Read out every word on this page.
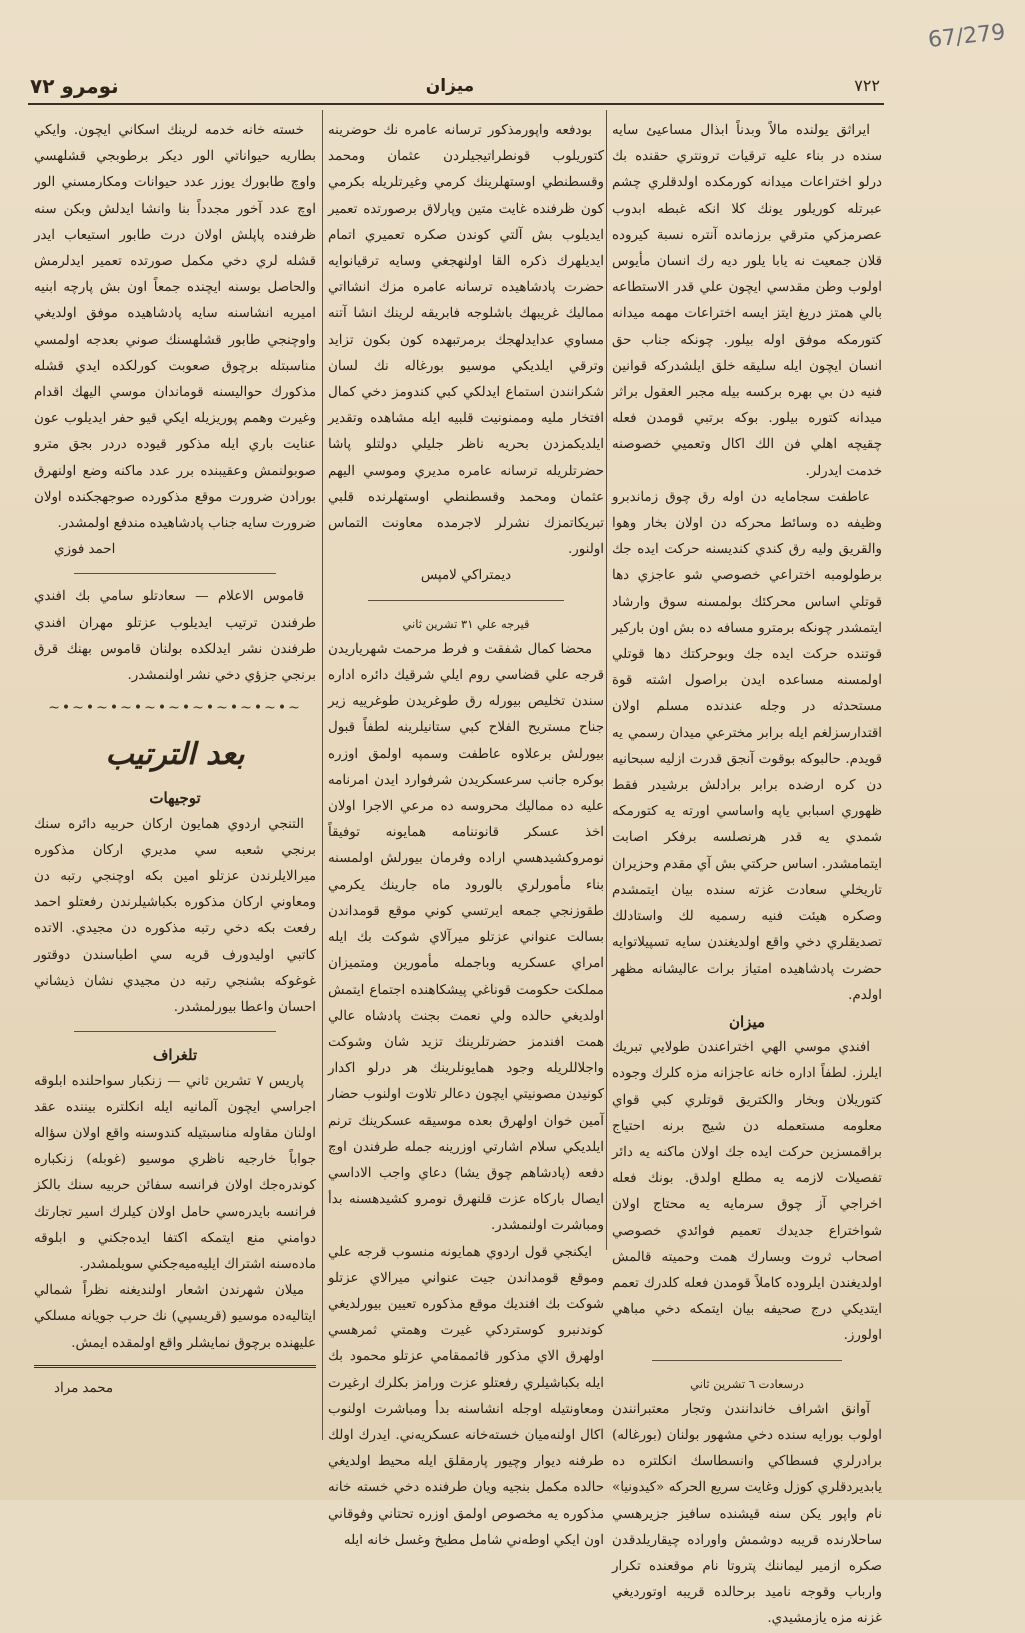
67/279
٧٢٢
ميزان
نومرو ٧٢

ايراثق يولنده مالاً وبدناً ابذال مساعيئ سايه سنده در بناء عليه ترقيات ترونتري حقنده بك درلو اختراعات ميدانه كورمكده اولدقلري چشم عبرتله كوريلور يونك كلا انكه غبطه ابدوب عصرمزكي مترقي برزمانده آنتره نسبة كيروده قلان جمعيت نه يابا يلور ديه رك انسان مأيوس اولوب وطن مقدسي ايچون علي قدر الاستطاعه بالي همتز دريغ ايتز ايسه اختراعات مهمه ميدانه كتورمكه موفق اوله بيلور. چونكه جناب حق انسان ايچون ايله سليقه خلق ايلشدركه قوانين فنيه دن بي بهره بركسه بيله مجبر العقول براثر ميدانه كتوره بيلور. بوكه برتبي قومدن فعله چقيچه اهلي فن الك اكال وتعميي خصوصنه خدمت ايدرلر.

عاطفت سجامايه دن اوله رق چوق زماندبرو وظيفه ده وسائط محركه دن اولان بخار وهوا والقريق وليه رق كندي كنديسنه حركت ايده جك برطولومبه اختراعي خصوصي شو عاجزي دها قوتلي اساس محركئك بولمسنه سوق وارشاد ايتمشدر چونكه برمترو مسافه ده بش اون باركير قوتنده حركت ايده جك وبوحركتك دها قوتلي اولمسنه مساعده ايدن براصول اشته قوة مستحدثه در وجله عندنده مسلم اولان اقتدارسزلغم ايله برابر مخترعي ميدان رسمي يه قويدم. حالبوكه بوقوت آنجق قدرت ازليه سبحانيه دن كره ارضده برابر برادلش برشيدر فقط ظهوري اسبابي ياپه واساسي اورته يه كتورمكه شمدي يه قدر هرنصلسه برفكر اصابت ايتمامشدر. اساس حركتي بش آي مقدم وحزيران تاريخلي سعادت غزته سنده بيان ايتمشدم وصكره هيئت فنيه رسميه لك واستادلك تصديقلري دخي واقع اولديغندن سايه تسپيلاتوايه حضرت پادشاهيده امتياز برات عاليشانه مظهر اولدم.

ميزان

افندي موسي الهي اختراعندن طولايي تبريك ايلرز. لطفاً اداره خانه عاجزانه مزه كلرك وجوده كتوريلان وبخار والكتريق قوتلري كبي قواي معلومه مستعمله دن شيج برنه احتياج براقمسزين حركت ايده جك اولان ماكنه يه دائر تفصيلات لازمه يه مطلع اولدق. بونك فعله اخراجي آز چوق سرمايه يه محتاج اولان شواختراع جديدك تعميم فوائدي خصوصي اصحاب ثروت وبسارك همت وحميته قالمش اولديغندن ايلروده كاملاً قومدن فعله كلدرك تعمم ايتديكي درج صحيفه بيان ايتمكه دخي مباهي اولورز.

درسعادت ٦ تشرين ثاني

آوانق اشراف خاندانندن وتجار معتبرانندن اولوب بورايه سنده دخي مشهور بولنان (بورغاله) برادرلري فسطاكي وانسطاسك انكلتره ده يابديردقلري كوزل وغايت سريع الحركه «كيدونيا» نام واپور يكن سنه قيشنده سافيز جزيرهسي ساحلارنده قريبه دوشمش واوراده چيقاريلدقدن صكره ازمير ليماننك پتروتا نام موقعنده تكرار وارباب وقوجه ناميد برحالده قريبه اوتورديغي غزنه مزه يازمشيدي.

بودفعه واپورمذكور ترسانه عامره نك حوضرينه كتوريلوب قونطراتيجيلردن عثمان ومحمد وقسطنطي اوستهلرينك كرمي وغيرتلريله بكرمي كون ظرفنده غايت متين وپارلاق برصورتده تعمير ايديلوب بش آلتي كوندن صكره تعميري اتمام ايديلهرك ذكره القا اولنهجغي وسايه ترقيانوايه حضرت پادشاهيده ترسانه عامره مزك انشااتي مماليك غريبهك باشلوجه فابريقه لرينك انشا آتنه مساوي عدايدلهجك برمرتبهده كون بكون تزايد وترقي ايلديكي موسيو بورغاله نك لسان شكرانندن استماع ايدلكي كبي كندومز دخي كمال افتخار مليه وممنونيت قلبيه ايله مشاهده وتقدير ايلديكمزدن بحريه ناظر جليلي دولتلو پاشا حضرتلريله ترسانه عامره مديري وموسي اليهم عثمان ومحمد وقسطنطي اوستهلرنده قلبي تبريكاتمزك نشرلر لاجرمده معاونت التماس اولنور.

ديمتراكي لامپس

قيرجه علي ٣١ تشرين ثاني

محضا كمال شفقت و فرط مرحمت شهرياريدن قرجه علي قضاسي روم ايلي شرقيك دائره اداره سندن تخليص بيورله رق طوغريدن طوغرييه زير جناح مستريح الفلاح كبي ستانيلرينه لطفاً قبول بيورلش برعلاوه عاطفت وسمپه اولمق اوزره بوكره جانب سرعسكريدن شرفوارد ايدن امرنامه عليه ده مماليك محروسه ده مرعي الاجرا اولان اخذ عسكر قانوننامه همايونه توفيقاً نومروكشيدهسي اراده وفرمان بيورلش اولمسنه بناء مأمورلري بالورود ماه جارينك يكرمي طقوزنجي جمعه ايرتسي كوني موقع قومداندن بسالت عنواني عزتلو ميرآلاي شوكت بك ايله امراي عسكريه وباجمله مأمورين ومتميزان مملكت حكومت قوناغي پيشكاهنده اجتماع ايتمش اولديغي حالده ولي نعمت بجنت پادشاه عالي همت افندمز حضرتلرينك تزيد شان وشوكت واجلاللريله وجود همايونلرينك هر درلو اكدار كونيدن مصونيتي ايچون دعالر تلاوت اولنوب حضار آمين خوان اولهرق بعده موسيقه عسكرينك ترنم ايلديكي سلام اشارتي اوزرينه جمله طرفندن اوچ دفعه (پادشاهم چوق يشا) دعاي واجب الاداسي ايصال باركاه عزت قلنهرق نومرو كشيدهسنه بدأ ومباشرت اولنمشدر.

ايكنجي قول اردوي همايونه منسوب قرجه علي وموقع قومداندن جيت عنواني ميرالاي عزتلو شوكت بك افنديك موقع مذكوره تعيين بيورلديغي كوندنبرو كوستردكي غيرت وهمتي ثمرهسي اولهرق الاي مذكور قائممقامي عزتلو محمود بك ايله بكباشيلري رفعتلو عزت ورامز بكلرك ارغيرت ومعاونتيله اوجله انشاسنه بدأ ومباشرت اولنوب اكال اولنه‌ميان خسته‌خانه عسكريه‌ني. ايدرك اولك طرفنه ديوار وچيور پارمقلق ايله محيط اولديغي حالده مكمل بنجيه ويان طرفنده دخي خسته خانه مذكوره يه مخصوص اولمق اوزره تحتاني وفوقاني اون ايكي اوطه‌ني شامل مطبخ وغسل خانه ايله

خسته خانه خدمه لرينك اسكاني ايچون. وايكي بطاريه حيواناتي الور ديكر برطوبجي قشلهسي واوچ طابورك يوزر عدد حيوانات ومكارمسني الور اوچ عدد آخور مجدداً بنا وانشا ايدلش وبكن سنه ظرفنده پاپلش اولان درت طابور استيعاب ايدر قشله لري دخي مكمل صورتده تعمير ايدلرمش والحاصل بوسنه ايچنده جمعاً اون بش پارچه ابنيه اميريه انشاسنه سايه پادشاهيده موفق اولديغي واوچنجي طابور قشلهسنك صوني بعدجه اولمسي مناسبتله برچوق صعوبت كورلكده ايدي قشله مذكورك حواليسنه قوماندان موسي اليهك اقدام وغيرت وهمم پوريزيله ايكي قيو حفر ايديلوب عون عنايت باري ايله مذكور قيوده دردر بجق مترو صوبولنمش وعقيبنده برر عدد ماكنه وضع اولنهرق بورادن ضرورت موقع مذكورده صوجهجكنده اولان ضرورت سايه جناب پادشاهيده مندفع اولمشدر.

احمد فوزي

قاموس الاعلام — سعادتلو سامي بك افندي طرفندن ترتيب ايديلوب عزتلو مهران افندي طرفندن نشر ايدلكده بولنان قاموس بهنك قرق برنجي جزؤي دخي نشر اولنمشدر.

~•~•~•~•~•~•~•~•~•~•~
بعد الترتيب

توجيهات

التنجي اردوي همايون اركان حربيه دائره سنك برنجي شعبه سي مديري اركان مذكوره ميرالايلرندن عزتلو امين بكه اوچنجي رتبه دن ومعاوني اركان مذكوره بكباشيلرندن رفعتلو احمد رفعت بكه دخي رتبه مذكوره دن مجيدي. الاتده كاتبي اوليدورف قريه سي اطباسندن دوقتور غوغوكه بشنجي رتبه دن مجيدي نشان ذيشاني احسان واعطا بيورلمشدر.

تلغراف

پاريس ٧ تشرين ثاني — زنكبار سواحلنده ابلوقه اجراسي ايچون آلمانيه ايله انكلتره بيننده عقد اولنان مقاوله مناسبتيله كندوسنه واقع اولان سؤاله جواباً خارجيه ناظري موسيو (غوبله) زنكباره كوندره‌جك اولان فرانسه سفائن حربيه سنك بالكز فرانسه بايدره‌سي حامل اولان كيلرك اسير تجارتك دوامني منع ايتمكه اكتفا ايده‌جكني و ابلوقه ماده‌سنه اشتراك ايليه‌ميه‌جكني سويلمشدر.

ميلان شهرندن اشعار اولنديغنه نظراً شمالي ايتاليه‌ده موسيو (قريسپي) نك حرب جويانه مسلكي عليهنده برچوق نمايشلر واقع اولمقده ايمش.

محمد مراد
